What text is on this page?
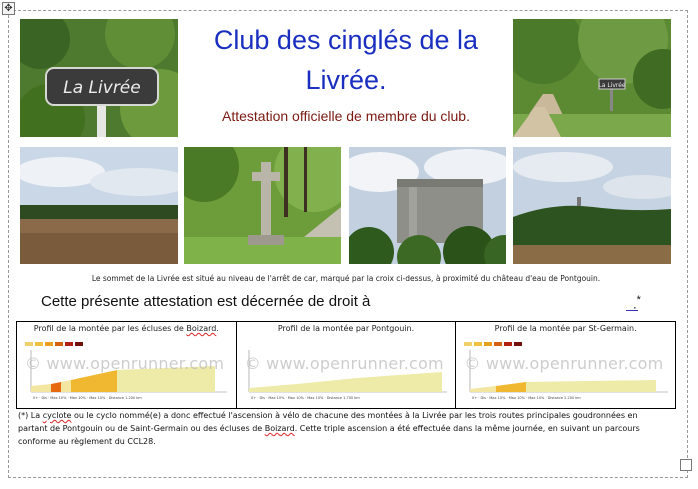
✥
La Livrée
Club des cinglés de la Livrée.
Attestation officielle de membre du club.
La Livrée
Le sommet de la Livrée est situé au niveau de l'arrêt de car, marqué par la croix ci-dessus, à proximité du château d'eau de Pontgouin.
Cette présente attestation est décernée de droit à	.*
Profil de la montée par les écluses de Boizard.
0+ · Dis · Max 10% · Max 10% · Max 10% · Distance 1.200 km
© www.openrunner.com
Profil de la montée par Pontgouin.
0+ · Dis · Max 10% · Max 10% · Max 10% · Distance 1.700 km
© www.openrunner.com
Profil de la montée par St-Germain.
0+ · Dis · Max 10% · Max 10% · Max 10% · Distance 2.200 km
© www.openrunner.com
(*) La cyclote ou le cyclo nommé(e) a donc effectué l'ascension à vélo de chacune des montées à la Livrée par les trois routes principales goudronnées en partant de Pontgouin ou de Saint-Germain ou des écluses de Boizard. Cette triple ascension a été effectuée dans la même journée, en suivant un parcours conforme au règlement du CCL28.
